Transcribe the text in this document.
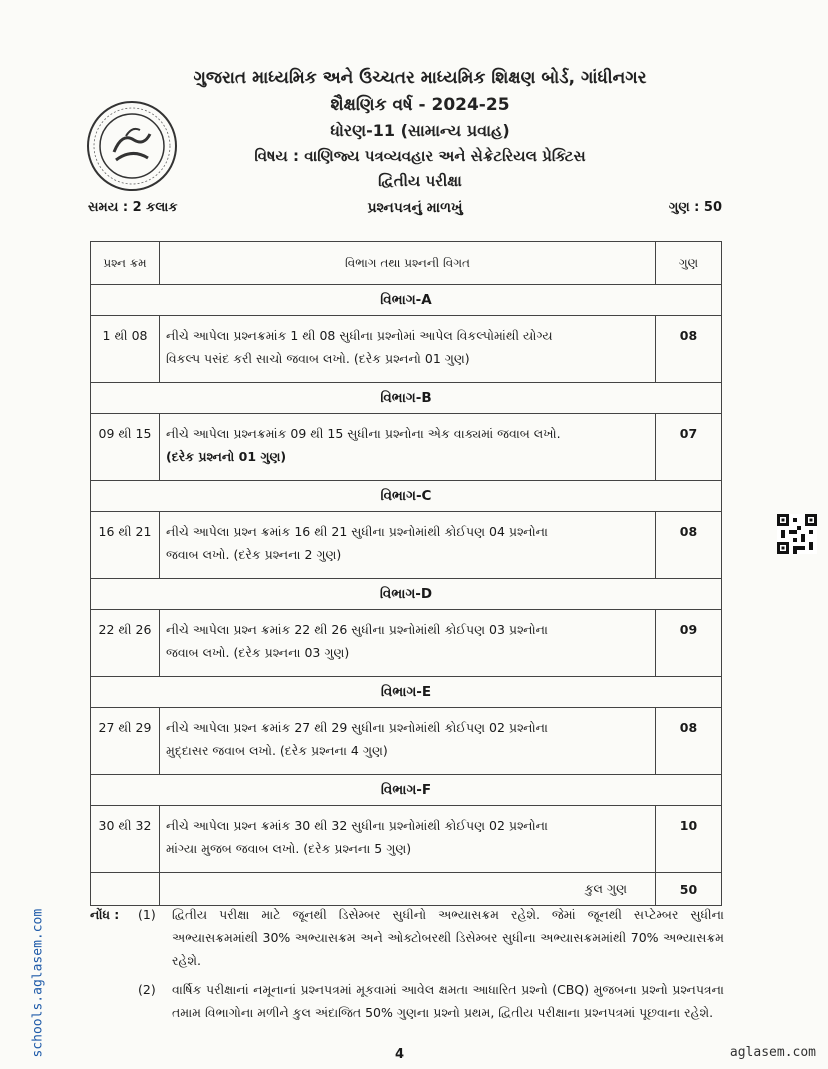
ગુજરાત માધ્યમિક અને ઉચ્ચતર માધ્યમિક શિક્ષણ બોર્ડ, ગાંધીનગર
શૈક્ષણિક વર્ષ - 2024-25
ધોરણ-11 (સામાન્ય પ્રવાહ)
વિષય : વાણિજ્ય પત્રવ્યવહાર અને સેક્રેટરિયલ પ્રેક્ટિસ
દ્વિતીય પરીક્ષા
સમય : 2 કલાક	પ્રશ્નપત્રનું માળખું	ગુણ : 50
પ્રશ્ન ક્રમ	વિભાગ તથા પ્રશ્નની વિગત	ગુણ
વિભાગ-A		
1 થી 08	નીચે આપેલા પ્રશ્નક્રમાંક 1 થી 08 સુધીના પ્રશ્નોમાં આપેલ વિકલ્પોમાંથી યોગ્ય
વિકલ્પ પસંદ કરી સાચો જવાબ લખો. (દરેક પ્રશ્નનો 01 ગુણ)	08
વિભાગ-B		
09 થી 15	નીચે આપેલા પ્રશ્નક્રમાંક 09 થી 15 સુધીના પ્રશ્નોના એક વાક્યમાં જવાબ લખો.
(દરેક પ્રશ્નનો 01 ગુણ)	07
વિભાગ-C		
16 થી 21	નીચે આપેલા પ્રશ્ન ક્રમાંક 16 થી 21 સુધીના પ્રશ્નોમાંથી કોઈપણ 04 પ્રશ્નોના
જવાબ લખો. (દરેક પ્રશ્નના 2 ગુણ)	08
વિભાગ-D		
22 થી 26	નીચે આપેલા પ્રશ્ન ક્રમાંક 22 થી 26 સુધીના પ્રશ્નોમાંથી કોઈપણ 03 પ્રશ્નોના
જવાબ લખો. (દરેક પ્રશ્નના 03 ગુણ)	09
વિભાગ-E		
27 થી 29	નીચે આપેલા પ્રશ્ન ક્રમાંક 27 થી 29 સુધીના પ્રશ્નોમાંથી કોઈપણ 02 પ્રશ્નોના
મુદ્દાસર જવાબ લખો. (દરેક પ્રશ્નના 4 ગુણ)	08
વિભાગ-F		
30 થી 32	નીચે આપેલા પ્રશ્ન ક્રમાંક 30 થી 32 સુધીના પ્રશ્નોમાંથી કોઈપણ 02 પ્રશ્નોના
માંગ્યા મુજબ જવાબ લખો. (દરેક પ્રશ્નના 5 ગુણ)	10
	કુલ ગુણ	50
નોંધ :	(1)	દ્વિતીય પરીક્ષા માટે જૂનથી ડિસેમ્બર સુધીનો અભ્યાસક્રમ રહેશે. જેમાં જૂનથી સપ્ટેમ્બર સુધીના અભ્યાસક્રમમાંથી 30% અભ્યાસક્રમ અને ઓક્ટોબરથી ડિસેમ્બર સુધીના અભ્યાસક્રમમાંથી 70% અભ્યાસક્રમ રહેશે.
(2)	વાર્ષિક પરીક્ષાનાં નમૂનાનાં પ્રશ્નપત્રમાં મૂકવામાં આવેલ ક્ષમતા આધારિત પ્રશ્નો (CBQ) મુજબના પ્રશ્નો પ્રશ્નપત્રના તમામ વિભાગોના મળીને કુલ અંદાજિત 50% ગુણના પ્રશ્નો પ્રથમ, દ્વિતીય પરીક્ષાના પ્રશ્નપત્રમાં પૂછવાના રહેશે.
4
schools.aglasem.com	aglasem.com
